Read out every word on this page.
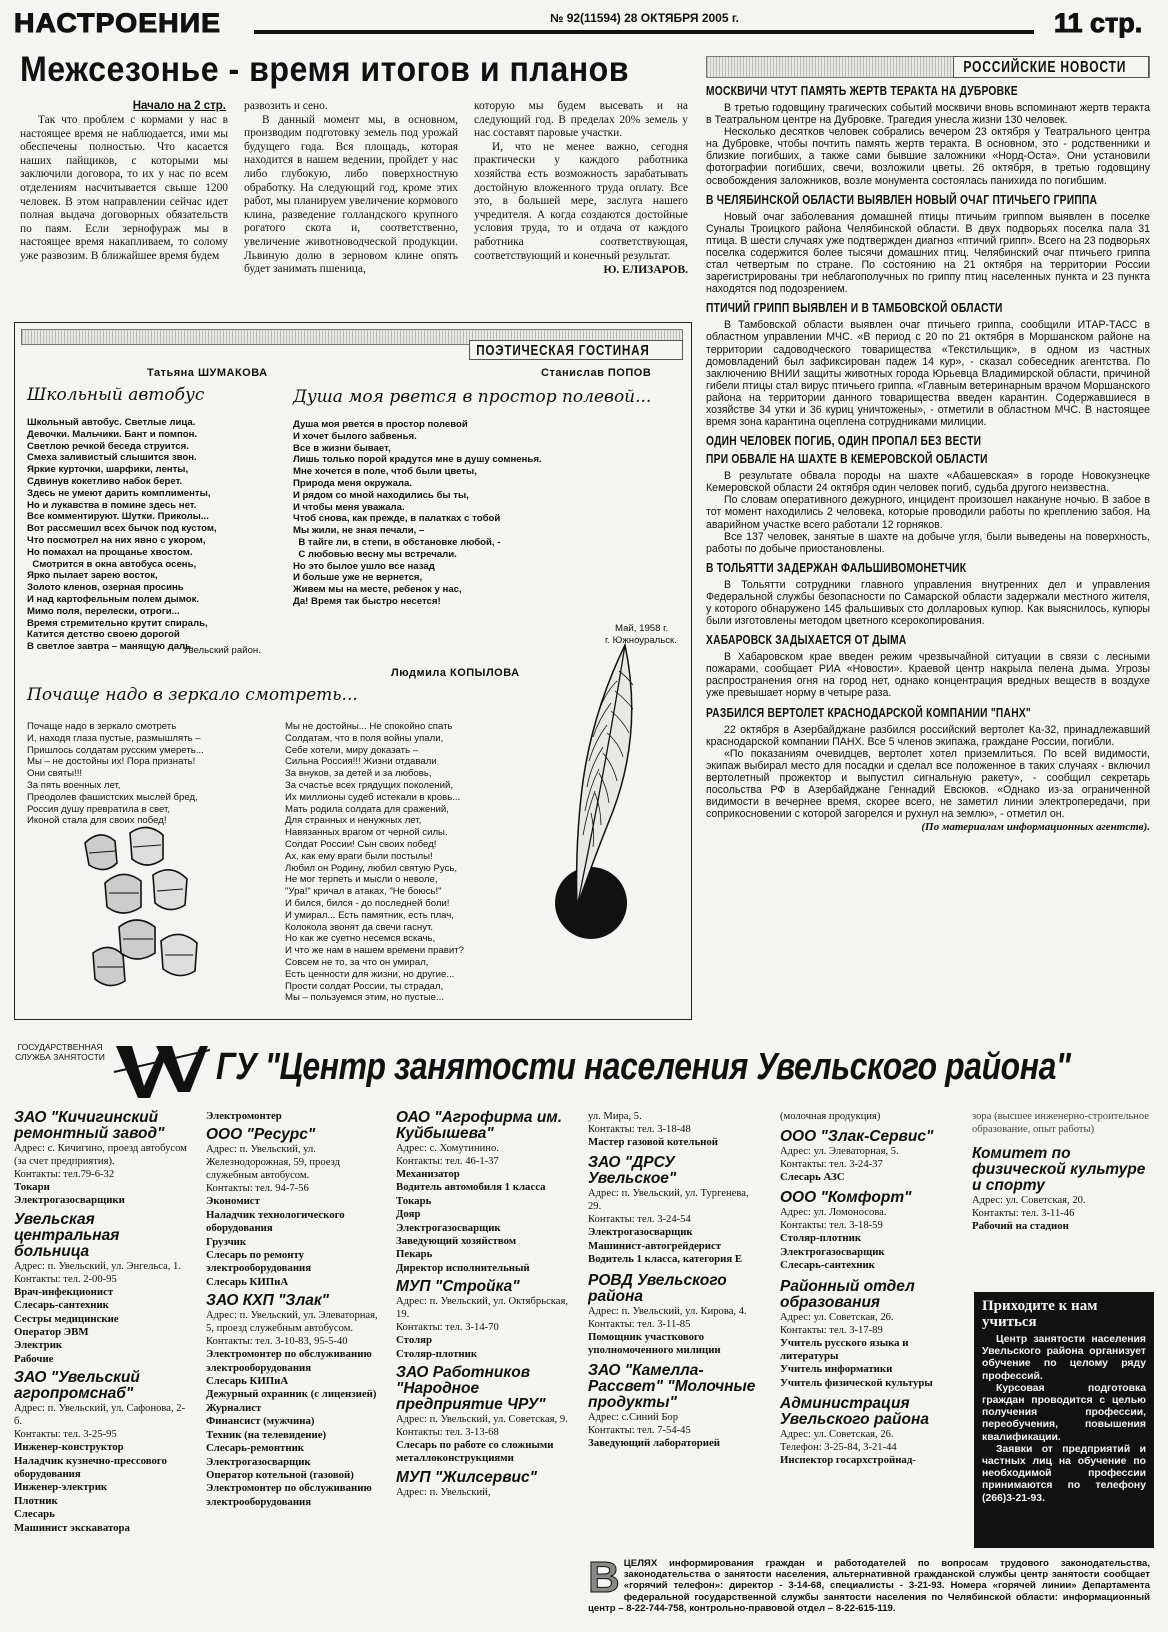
НАСТРОЕНИЕ	№ 92(11594) 28 ОКТЯБРЯ 2005 г.	11 стр.
Межсезонье - время итогов и планов
Начало на 2 стр.

Так что проблем с кормами у нас в настоящее время не наблюдается, ими мы обеспечены полностью. Что касается наших пайщиков, с которыми мы заключили договора, то их у нас по всем отделениям насчитывается свыше 1200 человек. В этом направлении сейчас идет полная выдача договорных обязательств по паям. Если зернофураж мы в настоящее время накапливаем, то солому уже развозим. В ближайшее время будем

развозить и сено.

В данный момент мы, в основном, производим подготовку земель под урожай будущего года. Вся площадь, которая находится в нашем ведении, пройдет у нас либо глубокую, либо поверхностную обработку. На следующий год, кроме этих работ, мы планируем увеличение кормового клина, разведение голландского крупного рогатого скота и, соответственно, увеличение животноводческой продукции. Львиную долю в зерновом клине опять будет занимать пшеница,

которую мы будем высевать и на следующий год. В пределах 20% земель у нас составят паровые участки.

И, что не менее важно, сегодня практически у каждого работника хозяйства есть возможность зарабатывать достойную вложенного труда оплату. Все это, в большей мере, заслуга нашего учредителя. А когда создаются достойные условия труда, то и отдача от каждого работника соответствующая, соответствующий и конечный результат.

Ю. ЕЛИЗАРОВ.
ПОЭТИЧЕСКАЯ ГОСТИНАЯ
Татьяна ШУМАКОВА
Школьный автобус
Школьный автобус. Светлые лица.
Девочки. Мальчики. Бант и помпон.
Светлою речкой беседа струится.
Смеха заливистый слышится звон.
Яркие курточки, шарфики, ленты,
Сдвинув кокетливо набок берет.
Здесь не умеют дарить комплименты,
Но и лукавства в помине здесь нет.
Все комментируют. Шутки. Приколы...
Вот рассмешил всех бычок под кустом,
Что посмотрел на них явно с укором,
Но помахал на прощанье хвостом.
Смотрится в окна автобуса осень,
Ярко пылает зарею восток,
Золото кленов, озерная просинь
И над картофельным полем дымок.
Мимо поля, перелески, отроги...
Время стремительно крутит спираль,
Катится детство своею дорогой
В светлое завтра – манящую даль.
Увельский район.
Станислав ПОПОВ
Душа моя рвется в простор полевой...
Душа моя рвется в простор полевой
И хочет былого забвенья.
Все в жизни бывает,
Лишь только порой крадутся мне в душу сомненья.
Мне хочется в поле, чтоб были цветы,
Природа меня окружала.
И рядом со мной находились бы ты,
И чтобы меня уважала.
Чтоб снова, как прежде, в палатках с тобой
Мы жили, не зная печали, –
В тайге ли, в степи, в обстановке любой, -
С любовью весну мы встречали.
Но это былое ушло все назад
И больше уже не вернется,
Живем мы на месте, ребенок у нас,
Да! Время так быстро несется!
Май, 1958 г.
г. Южноуральск.
Людмила КОПЫЛОВА
Почаще надо в зеркало смотреть...
Почаще надо в зеркало смотреть
И, находя глаза пустые, размышлять –
Пришлось солдатам русским умереть...
Мы – не достойны их! Пора признать!
Они святы!!!
За пять военных лет,
Преодолев фашистских мыслей бред,
Россия душу превратила в свет,
Иконой стала для своих побед!
Мы не достойны... Не спокойно спать
Солдатам, что в поля войны упали,
Себе хотели, миру доказать –
Сильна Россия!!! Жизни отдавали
За внуков, за детей и за любовь,
За счастье всех грядущих поколений,
Их миллионы судеб истекали в кровь...
Мать родила солдата для сражений,
Для странных и ненужных лет,
Навязанных врагом от черной силы.
Солдат России! Сын своих побед!
Ах, как ему враги были постылы!
Любил он Родину, любил святую Русь,
Не мог терпеть и мысли о неволе,
"Ура!" кричал в атаках, "Не боюсь!"
И бился, бился - до последней боли!
И умирал... Есть памятник, есть плач,
Колокола звонят да свечи гаснут.
Но как же суетно несемся вскачь,
И что же нам в нашем времени правит?
Совсем не то, за что он умирал,
Есть ценности для жизни, но другие...
Прости солдат России, ты страдал,
Мы – пользуемся этим, но пустые...
РОССИЙСКИЕ НОВОСТИ
МОСКВИЧИ ЧТУТ ПАМЯТЬ ЖЕРТВ ТЕРАКТА НА ДУБРОВКЕ

В третью годовщину трагических событий москвичи вновь вспоминают жертв теракта в Театральном центре на Дубровке. Трагедия унесла жизни 130 человек.

Несколько десятков человек собрались вечером 23 октября у Театрального центра на Дубровке, чтобы почтить память жертв теракта. В основном, это - родственники и близкие погибших, а также сами бывшие заложники «Норд-Оста». Они установили фотографии погибших, свечи, возложили цветы. 26 октября, в третью годовщину освобождения заложников, возле монумента состоялась панихида по погибшим.

В ЧЕЛЯБИНСКОЙ ОБЛАСТИ ВЫЯВЛЕН НОВЫЙ ОЧАГ ПТИЧЬЕГО ГРИППА

Новый очаг заболевания домашней птицы птичьим гриппом выявлен в поселке Суналы Троицкого района Челябинской области. В двух подворьях поселка пала 31 птица. В шести случаях уже подтвержден диагноз «птичий грипп». Всего на 23 подворьях поселка содержится более тысячи домашних птиц. Челябинский очаг птичьего гриппа стал четвертым по стране. По состоянию на 21 октября на территории России зарегистрированы три неблагополучных по гриппу птиц населенных пункта и 23 пункта находятся под подозрением.

ПТИЧИЙ ГРИПП ВЫЯВЛЕН И В ТАМБОВСКОЙ ОБЛАСТИ

В Тамбовской области выявлен очаг птичьего гриппа, сообщили ИТАР-ТАСС в областном управлении МЧС. «В период с 20 по 21 октября в Моршанском районе на территории садоводческого товарищества «Текстильщик», в одном из частных домовладений был зафиксирован падеж 14 кур», - сказал собеседник агентства. По заключению ВНИИ защиты животных города Юрьевца Владимирской области, причиной гибели птицы стал вирус птичьего гриппа. «Главным ветеринарным врачом Моршанского района на территории данного товарищества введен карантин. Содержавшиеся в хозяйстве 34 утки и 36 куриц уничтожены», - отметили в областном МЧС. В настоящее время зона карантина оцеплена сотрудниками милиции.

ОДИН ЧЕЛОВЕК ПОГИБ, ОДИН ПРОПАЛ БЕЗ ВЕСТИ
ПРИ ОБВАЛЕ НА ШАХТЕ В КЕМЕРОВСКОЙ ОБЛАСТИ

В результате обвала породы на шахте «Абашевская» в городе Новокузнецке Кемеровской области 24 октября один человек погиб, судьба другого неизвестна.

По словам оперативного дежурного, инцидент произошел накануне ночью. В забое в тот момент находились 2 человека, которые проводили работы по креплению забоя. На аварийном участке всего работали 12 горняков.

Все 137 человек, занятые в шахте на добыче угля, были выведены на поверхность, работы по добыче приостановлены.

В ТОЛЬЯТТИ ЗАДЕРЖАН ФАЛЬШИВОМОНЕТЧИК

В Тольятти сотрудники главного управления внутренних дел и управления Федеральной службы безопасности по Самарской области задержали местного жителя, у которого обнаружено 145 фальшивых сто долларовых купюр. Как выяснилось, купюры были изготовлены методом цветного ксерокопирования.

ХАБАРОВСК ЗАДЫХАЕТСЯ ОТ ДЫМА

В Хабаровском крае введен режим чрезвычайной ситуации в связи с лесными пожарами, сообщает РИА «Новости». Краевой центр накрыла пелена дыма. Угрозы распространения огня на город нет, однако концентрация вредных веществ в воздухе уже превышает норму в четыре раза.

РАЗБИЛСЯ ВЕРТОЛЕТ КРАСНОДАРСКОЙ КОМПАНИИ "ПАНХ"

22 октября в Азербайджане разбился российский вертолет Ка-32, принадлежавший краснодарской компании ПАНХ. Все 5 членов экипажа, граждане России, погибли.

«По показаниям очевидцев, вертолет хотел приземлиться. По всей видимости, экипаж выбирал место для посадки и сделал все положенное в таких случаях - включил вертолетный прожектор и выпустил сигнальную ракету», - сообщил секретарь посольства РФ в Азербайджане Геннадий Евсюков. «Однако из-за ограниченной видимости в вечернее время, скорее всего, не заметил линии электропередачи, при соприкосновении с которой загорелся и рухнул на землю», - отметил он.

(По материалам информационных агентств).
ГОСУДАРСТВЕННАЯ СЛУЖБА ЗАНЯТОСТИ	ГУ "Центр занятости населения Увельского района"
ЗАО "Кичигинский ремонтный завод"
Адрес: с. Кичигино, проезд автобусом (за счет предприятия).
Контакты: тел.79-6-32
Токари
Электрогазосварщики
Увельская центральная больница
Адрес: п. Увельский, ул. Энгельса, 1.
Контакты: тел. 2-00-95
Врач-инфекционист
Слесарь-сантехник
Сестры медицинские
Оператор ЭВМ
Электрик
Рабочие
ЗАО "Увельский агропромснаб"
Адрес: п. Увельский, ул. Сафонова, 2-б.
Контакты: тел. 3-25-95
Инженер-конструктор
Наладчик кузнечно-прессового оборудования
Инженер-электрик
Плотник
Слесарь
Машинист экскаватора
Электромонтер
ООО "Ресурс"
Адрес: п. Увельский, ул. Железнодорожная, 59, проезд служебным автобусом.
Контакты: тел. 94-7-56
Экономист
Наладчик технологического оборудования
Грузчик
Слесарь по ремонту электрооборудования
Слесарь КИПиА
ЗАО КХП "Злак"
Адрес: п. Увельский, ул. Элеваторная, 5, проезд служебным автобусом.
Контакты: тел. 3-10-83, 95-5-40
Электромонтер по обслуживанию электрооборудования
Слесарь КИПиА
Дежурный охранник (с лицензией)
Журналист
Финансист (мужчина)
Техник (на телевидение)
Слесарь-ремонтник
Электрогазосварщик
Оператор котельной (газовой)
Электромонтер по обслуживанию электрооборудования
ОАО "Агрофирма им. Куйбышева"
Адрес: с. Хомутинино.
Контакты: тел. 46-1-37
Механизатор
Водитель автомобиля 1 класса
Токарь
Дояр
Электрогазосварщик
Заведующий хозяйством
Пекарь
Директор исполнительный
МУП "Стройка"
Адрес: п. Увельский, ул. Октябрьская, 19.
Контакты: тел. 3-14-70
Столяр
Столяр-плотник
ЗАО Работников "Народное предприятие ЧРУ"
Адрес: п. Увельский, ул. Советская, 9.
Контакты: тел. 3-13-68
Слесарь по работе со сложными металлоконструкциями
МУП "Жилсервис"
Адрес: п. Увельский,
ул. Мира, 5.
Контакты: тел. 3-18-48
Мастер газовой котельной
ЗАО "ДРСУ Увельское"
Адрес: п. Увельский, ул. Тургенева, 29.
Контакты: тел. 3-24-54
Электрогазосварщик
Машинист-автогрейдерист
Водитель 1 класса, категория Е
РОВД Увельского района
Адрес: п. Увельский, ул. Кирова, 4.
Контакты: тел. 3-11-85
Помощник участкового уполномоченного милиции
ЗАО "Камелла-Рассвет" "Молочные продукты"
Адрес: с.Синий Бор
Контакты: тел. 7-54-45
Заведующий лабораторией
(молочная продукция)
ООО "Злак-Сервис"
Адрес: ул. Элеваторная, 5.
Контакты: тел. 3-24-37
Слесарь АЗС
ООО "Комфорт"
Адрес: ул. Ломоносова.
Контакты: тел. 3-18-59
Столяр-плотник
Электрогазосварщик
Слесарь-сантехник
Районный отдел образования
Адрес: ул. Советская, 26.
Контакты: тел. 3-17-89
Учитель русского языка и литературы
Учитель информатики
Учитель физической культуры
Администрация Увельского района
Адрес: ул. Советская, 26.
Телефон: 3-25-84, 3-21-44
Инспектор госархстройнад-
зора (высшее инженерно-строительное образование, опыт работы)
Комитет по физической культуре и спорту
Адрес: ул. Советская, 20.
Контакты: тел. 3-11-46
Рабочий на стадион
Приходите к нам учиться

Центр занятости населения Увельского района организует обучение по целому ряду профессий.

Курсовая подготовка граждан проводится с целью получения профессии, переобучения, повышения квалификации.

Заявки от предприятий и частных лиц на обучение по необходимой профессии принимаются по телефону (266)3-21-93.

В ЦЕЛЯХ информирования граждан и работодателей по вопросам трудового законодательства, законодательства о занятости населения, альтернативной гражданской службы центр занятости сообщает «горячий телефон»: директор - 3-14-68, специалисты - 3-21-93. Номера «горячей линии» Департамента федеральной государственной службы занятости населения по Челябинской области: информационный центр – 8-22-744-758, контрольно-правовой отдел – 8-22-615-119.
